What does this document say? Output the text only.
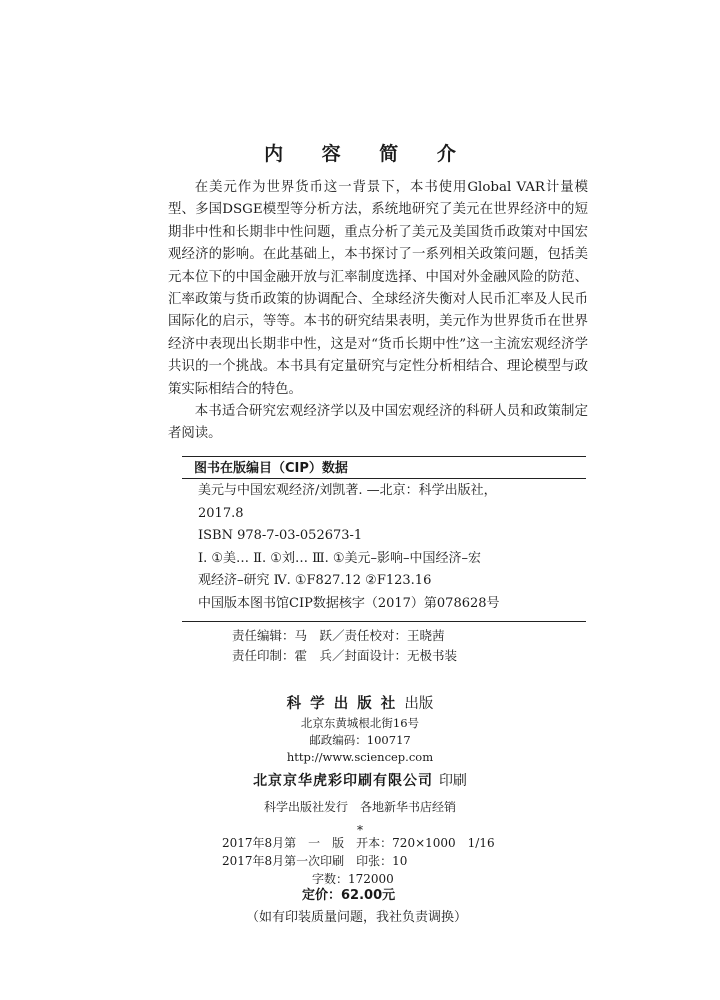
内 容 简 介

在美元作为世界货币这一背景下，本书使用Global VAR计量模型、多国DSGE模型等分析方法，系统地研究了美元在世界经济中的短期非中性和长期非中性问题，重点分析了美元及美国货币政策对中国宏观经济的影响。在此基础上，本书探讨了一系列相关政策问题，包括美元本位下的中国金融开放与汇率制度选择、中国对外金融风险的防范、汇率政策与货币政策的协调配合、全球经济失衡对人民币汇率及人民币国际化的启示，等等。本书的研究结果表明，美元作为世界货币在世界经济中表现出长期非中性，这是对“货币长期中性”这一主流宏观经济学共识的一个挑战。本书具有定量研究与定性分析相结合、理论模型与政策实际相结合的特色。

本书适合研究宏观经济学以及中国宏观经济的科研人员和政策制定者阅读。

图书在版编目（CIP）数据
美元与中国宏观经济/刘凯著. —北京：科学出版社，
2017.8
ISBN 978-7-03-052673-1
Ⅰ. ①美… Ⅱ. ①刘… Ⅲ. ①美元–影响–中国经济–宏
观经济–研究 Ⅳ. ①F827.12 ②F123.16
中国版本图书馆CIP数据核字（2017）第078628号
责任编辑：马　跃／责任校对：王晓茜
责任印制：霍　兵／封面设计：无极书装
科 学 出 版 社 出版
北京东黄城根北街16号
邮政编码：100717
http://www.sciencep.com
北京京华虎彩印刷有限公司 印刷
科学出版社发行　各地新华书店经销
*
2017年8月第　一　版　开本：720×1000　1/16
2017年8月第一次印刷　印张：10
字数：172000
定价：62.00元
（如有印装质量问题，我社负责调换）
